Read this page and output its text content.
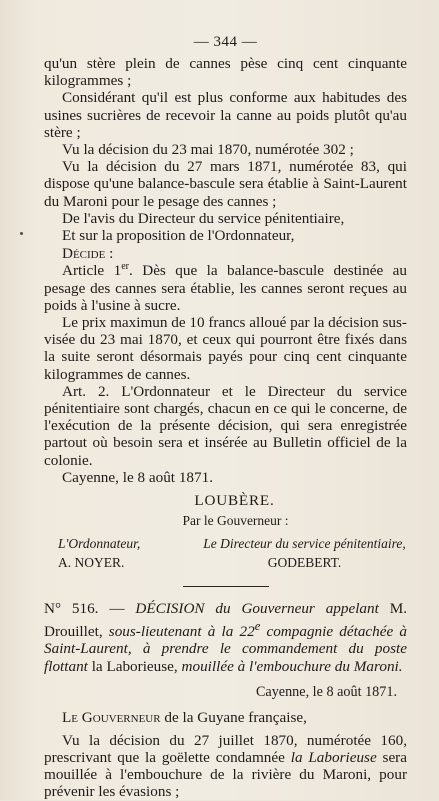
— 344 —

qu'un stère plein de cannes pèse cinq cent cinquante kilogrammes ;

Considérant qu'il est plus conforme aux habitudes des usines sucrières de recevoir la canne au poids plutôt qu'au stère ;

Vu la décision du 23 mai 1870, numérotée 302 ;

Vu la décision du 27 mars 1871, numérotée 83, qui dispose qu'une balance-bascule sera établie à Saint-Laurent du Maroni pour le pesage des cannes ;

De l'avis du Directeur du service pénitentiaire,

Et sur la proposition de l'Ordonnateur,

Décide :

Article 1er. Dès que la balance-bascule destinée au pesage des cannes sera établie, les cannes seront reçues au poids à l'usine à sucre.

Le prix maximun de 10 francs alloué par la décision sus-visée du 23 mai 1870, et ceux qui pourront être fixés dans la suite seront désormais payés pour cinq cent cinquante kilogrammes de cannes.

Art. 2. L'Ordonnateur et le Directeur du service pénitentiaire sont chargés, chacun en ce qui le concerne, de l'exécution de la présente décision, qui sera enregistrée partout où besoin sera et insérée au Bulletin officiel de la colonie.

Cayenne, le 8 août 1871.

LOUBÈRE.
Par le Gouverneur :
L'Ordonnateur,
A. NOYER.
Le Directeur du service pénitentiaire,
GODEBERT.

N° 516. — DÉCISION du Gouverneur appelant M. Drouillet, sous-lieutenant à la 22e compagnie détachée à Saint-Laurent, à prendre le commandement du poste flottant la Laborieuse, mouillée à l'embouchure du Maroni.

Cayenne, le 8 août 1871.

Le Gouverneur de la Guyane française,

Vu la décision du 27 juillet 1870, numérotée 160, prescrivant que la goëlette condamnée la Laborieuse sera mouillée à l'embouchure de la rivière du Maroni, pour prévenir les évasions ;
